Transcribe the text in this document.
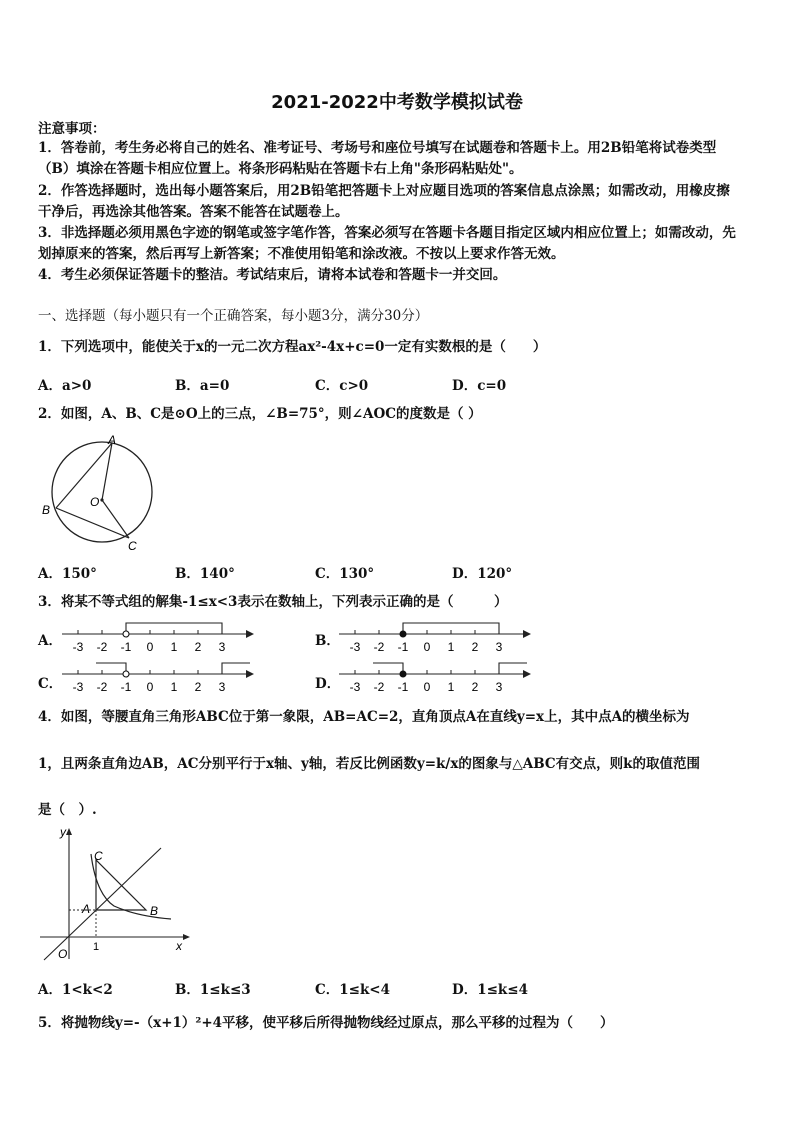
2021-2022中考数学模拟试卷
注意事项：
1．答卷前，考生务必将自己的姓名、准考证号、考场号和座位号填写在试题卷和答题卡上。用2B铅笔将试卷类型
（B）填涂在答题卡相应位置上。将条形码粘贴在答题卡右上角"条形码粘贴处"。
2．作答选择题时，选出每小题答案后，用2B铅笔把答题卡上对应题目选项的答案信息点涂黑；如需改动，用橡皮擦
干净后，再选涂其他答案。答案不能答在试题卷上。
3．非选择题必须用黑色字迹的钢笔或签字笔作答，答案必须写在答题卡各题目指定区域内相应位置上；如需改动，先
划掉原来的答案，然后再写上新答案；不准使用铅笔和涂改液。不按以上要求作答无效。
4．考生必须保证答题卡的整洁。考试结束后，请将本试卷和答题卡一并交回。
一、选择题（每小题只有一个正确答案，每小题3分，满分30分）
1．下列选项中，能使关于x的一元二次方程ax²-4x+c=0一定有实数根的是（　　）
A．a>0	B．a=0	C．c>0	D．c=0
2．如图，A、B、C是⊙O上的三点，∠B=75°，则∠AOC的度数是（ ）
A
B
O
C
A．150°	B．140°	C．130°	D．120°
3．将某不等式组的解集-1≤x<3表示在数轴上，下列表示正确的是（　　　）
A． -3 -2 -1 0 1 2 3	B． -3 -2 -1 0 1 2 3
C． -3 -2 -1 0 1 2 3	D． -3 -2 -1 0 1 2 3
4．如图，等腰直角三角形ABC位于第一象限，AB=AC=2，直角顶点A在直线y=x上，其中点A的横坐标为
1，且两条直角边AB，AC分别平行于x轴、y轴，若反比例函数y=k/x的图象与△ABC有交点，则k的取值范围
是（　）.
y
C
A	B
O 1	x
A．1<k<2	B．1≤k≤3	C．1≤k<4	D．1≤k≤4
5．将抛物线y=-（x+1）²+4平移，使平移后所得抛物线经过原点，那么平移的过程为（　　）
